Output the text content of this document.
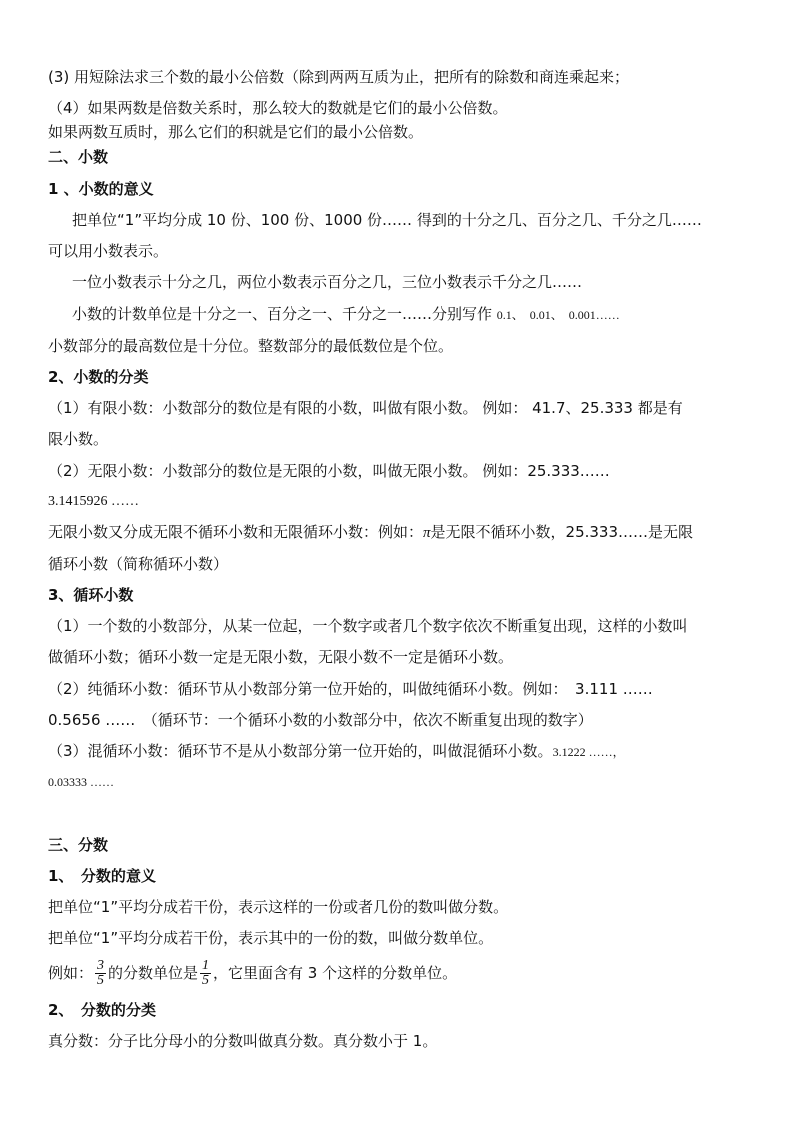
(3) 用短除法求三个数的最小公倍数（除到两两互质为止，把所有的除数和商连乘起来；
（4）如果两数是倍数关系时，那么较大的数就是它们的最小公倍数。
如果两数互质时，那么它们的积就是它们的最小公倍数。
二、小数
1 、小数的意义
把单位“1”平均分成 10 份、100 份、1000 份…… 得到的十分之几、百分之几、千分之几……
可以用小数表示。
一位小数表示十分之几，两位小数表示百分之几，三位小数表示千分之几……
小数的计数单位是十分之一、百分之一、千分之一……分别写作 0.1、　0.01、　0.001……
小数部分的最高数位是十分位。整数部分的最低数位是个位。
2、小数的分类
（1）有限小数：小数部分的数位是有限的小数，叫做有限小数。 例如： 41.7、25.333 都是有
限小数。
（2）无限小数：小数部分的数位是无限的小数，叫做无限小数。 例如：25.333……
3.1415926 ……
无限小数又分成无限不循环小数和无限循环小数：例如：π是无限不循环小数，25.333……是无限
循环小数（简称循环小数）
3、循环小数
（1）一个数的小数部分，从某一位起，一个数字或者几个数字依次不断重复出现，这样的小数叫
做循环小数；循环小数一定是无限小数，无限小数不一定是循环小数。
（2）纯循环小数：循环节从小数部分第一位开始的，叫做纯循环小数。例如：　3.111 ……
0.5656 ……　（循环节：一个循环小数的小数部分中，依次不断重复出现的数字）
（3）混循环小数：循环节不是从小数部分第一位开始的，叫做混循环小数。3.1222 ……，
0.03333 ……
三、分数
1、　分数的意义
把单位“1”平均分成若干份，表示这样的一份或者几份的数叫做分数。
把单位“1”平均分成若干份，表示其中的一份的数，叫做分数单位。
例如： $\frac{3}{5}$ 的分数单位是 $\frac{1}{5}$ ，它里面含有 3 个这样的分数单位。
2、　分数的分类
真分数：分子比分母小的分数叫做真分数。真分数小于 1。
